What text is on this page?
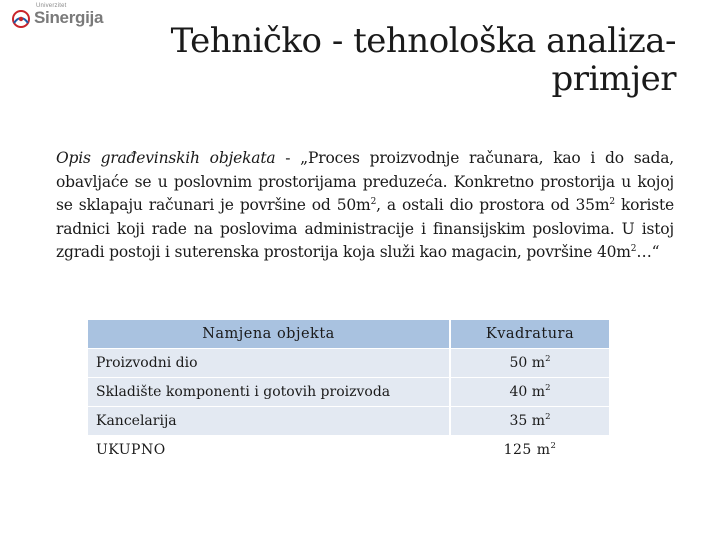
Univerzitet
Sinergija
Tehničko - tehnološka analiza-
primjer

Opis građevinskih objekata - „Proces proizvodnje računara, kao i do sada, obavljaće se u poslovnim prostorijama preduzeća. Konkretno prostorija u kojoj se sklapaju računari je površine od $50m^2$, a ostali dio prostora od $35m^2$ koriste radnici koji rade na poslovima administracije i finansijskim poslovima. U istoj zgradi postoji i suterenska prostorija koja služi kao magacin, površine $40m^2\dots“$

Namjena objekta	Kvadratura
Proizvodni dio	50 $m^2$
Skladište komponenti i gotovih proizvoda	40 $m^2$
Kancelarija	35 $m^2$
UKUPNO	125 $m^2$
